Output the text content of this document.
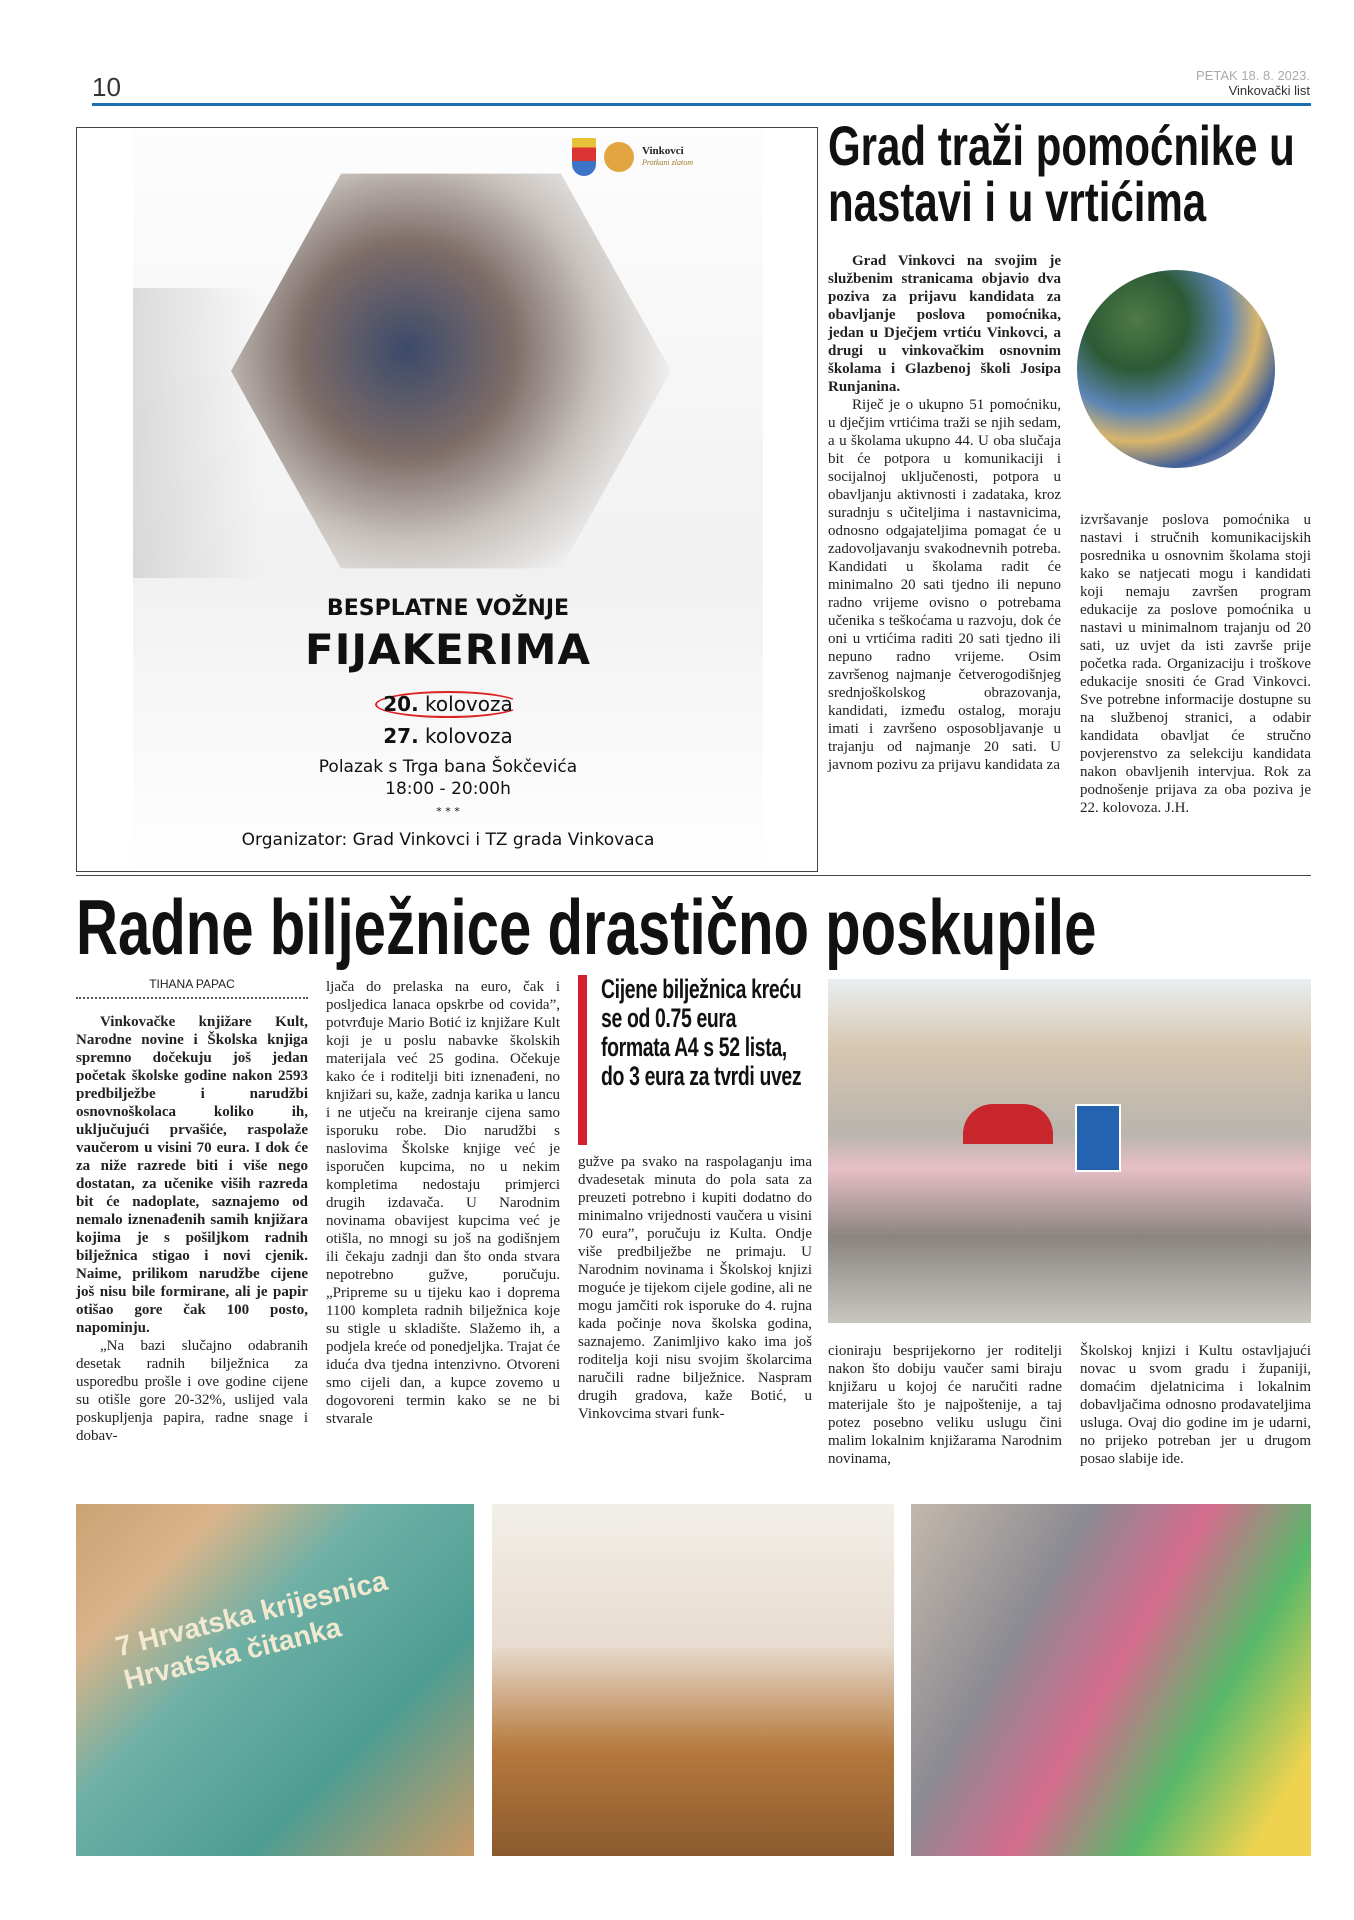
10	PETAK 18. 8. 2023.
Vinkovački list
Vinkovci
Protkani zlatom
BESPLATNE VOŽNJE
FIJAKERIMA
20. kolovoza
27. kolovoza
Polazak s Trga bana Šokčevića
18:00 - 20:00h
* * *
Organizator: Grad Vinkovci i TZ grada Vinkovaca
Grad traži pomoćnike u nastavi i u vrtićima

Grad Vinkovci na svojim je službenim stranicama objavio dva poziva za prijavu kandidata za obavljanje poslova pomoćnika, jedan u Dječjem vrtiću Vinkovci, a drugi u vinkovačkim osnovnim školama i Glazbenoj školi Josipa Runjanina.

Riječ je o ukupno 51 pomoćniku, u dječjim vrtićima traži se njih sedam, a u školama ukupno 44. U oba slučaja bit će potpora u komunikaciji i socijalnoj uključenosti, potpora u obavljanju aktivnosti i zadataka, kroz suradnju s učiteljima i nastavnicima, odnosno odgajateljima pomagat će u zadovoljavanju svakodnevnih potreba. Kandidati u školama radit će minimalno 20 sati tjedno ili nepuno radno vrijeme ovisno o potrebama učenika s teškoćama u razvoju, dok će oni u vrtićima raditi 20 sati tjedno ili nepuno radno vrijeme. Osim završenog najmanje četverogodišnjeg srednjoškolskog obrazovanja, kandidati, između ostalog, moraju imati i završeno osposobljavanje u trajanju od najmanje 20 sati. U javnom pozivu za prijavu kandidata za

izvršavanje poslova pomoćnika u nastavi i stručnih komunikacijskih posrednika u osnovnim školama stoji kako se natjecati mogu i kandidati koji nemaju završen program edukacije za poslove pomoćnika u nastavi u minimalnom trajanju od 20 sati, uz uvjet da isti završe prije početka rada. Organizaciju i troškove edukacije snositi će Grad Vinkovci. Sve potrebne informacije dostupne su na službenoj stranici, a odabir kandidata obavljat će stručno povjerenstvo za selekciju kandidata nakon obavljenih intervjua. Rok za podnošenje prijava za oba poziva je 22. kolovoza. J.H.

Radne bilježnice drastično poskupile
TIHANA PAPAC

Vinkovačke knjižare Kult, Narodne novine i Školska knjiga spremno dočekuju još jedan početak školske godine nakon 2593 predbilježbe i narudžbi osnovnoškolaca koliko ih, uključujući prvašiće, raspolaže vaučerom u visini 70 eura. I dok će za niže razrede biti i više nego dostatan, za učenike viših razreda bit će nadoplate, saznajemo od nemalo iznenađenih samih knjižara kojima je s pošiljkom radnih bilježnica stigao i novi cjenik. Naime, prilikom narudžbe cijene još nisu bile formirane, ali je papir otišao gore čak 100 posto, napominju.

„Na bazi slučajno odabranih desetak radnih bilježnica za usporedbu prošle i ove godine cijene su otišle gore 20-32%, uslijed vala poskupljenja papira, radne snage i dobav-

ljača do prelaska na euro, čak i posljedica lanaca opskrbe od covida”, potvrđuje Mario Botić iz knjižare Kult koji je u poslu nabavke školskih materijala već 25 godina. Očekuje kako će i roditelji biti iznenađeni, no knjižari su, kaže, zadnja karika u lancu i ne utječu na kreiranje cijena samo isporuku robe. Dio narudžbi s naslovima Školske knjige već je isporučen kupcima, no u nekim kompletima nedostaju primjerci drugih izdavača. U Narodnim novinama obavijest kupcima već je otišla, no mnogi su još na godišnjem ili čekaju zadnji dan što onda stvara nepotrebno gužve, poručuju. „Pripreme su u tijeku kao i doprema 1100 kompleta radnih bilježnica koje su stigle u skladište. Slažemo ih, a podjela kreće od ponedjeljka. Trajat će iduća dva tjedna intenzivno. Otvoreni smo cijeli dan, a kupce zovemo u dogovoreni termin kako se ne bi stvarale

Cijene bilježnica kreću se od 0.75 eura formata A4 s 52 lista, do 3 eura za tvrdi uvez

gužve pa svako na raspolaganju ima dvadesetak minuta do pola sata za preuzeti potrebno i kupiti dodatno do minimalno vrijednosti vaučera u visini 70 eura”, poručuju iz Kulta. Ondje više predbilježbe ne primaju. U Narodnim novinama i Školskoj knjizi moguće je tijekom cijele godine, ali ne mogu jamčiti rok isporuke do 4. rujna kada počinje nova školska godina, saznajemo. Zanimljivo kako ima još roditelja koji nisu svojim školarcima naručili radne bilježnice. Naspram drugih gradova, kaže Botić, u Vinkovcima stvari funk-

cioniraju besprijekorno jer roditelji nakon što dobiju vaučer sami biraju knjižaru u kojoj će naručiti radne materijale što je najpoštenije, a taj potez posebno veliku uslugu čini malim lokalnim knjižarama Narodnim novinama,

Školskoj knjizi i Kultu ostavljajući novac u svom gradu i županiji, domaćim djelatnicima i lokalnim dobavljačima odnosno prodavateljima usluga. Ovaj dio godine im je udarni, no prijeko potreban jer u drugom posao slabije ide.

7 Hrvatska krijesnica Hrvatska čitanka
